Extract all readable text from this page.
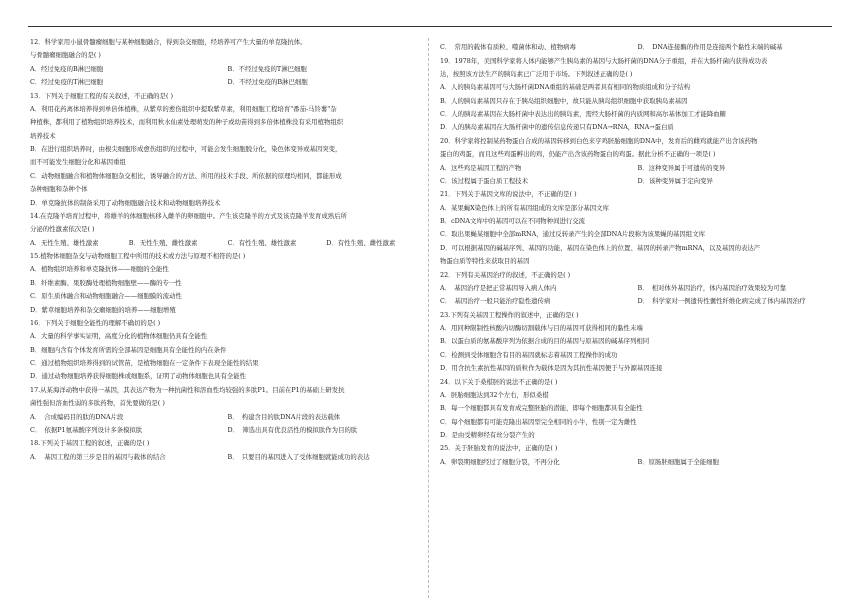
12．科学家用小鼠骨髓瘤细胞与某种细胞融合，得到杂交细胞，经培养可产生大量的单克隆抗体。
与骨髓瘤细胞融合的是( )
A．经过免疫的B淋巴细胞	B．不经过免疫的T淋巴细胞
C．经过免疫的T淋巴细胞	D．不经过免疫的B淋巴细胞
13．下列关于细胞工程的有关叙述，不正确的是( )
A．利用花药离体培养得到单倍体植株，从紫草的愈伤组织中提取紫草素，利用细胞工程培育"番茄-马铃薯"杂
种植株，都利用了植物组织培养技术，而利用秋水仙素处理萌发的种子或幼苗得到多倍体植株没有采用植物组织
培养技术
B．在进行组织培养时，由根尖细胞形成愈伤组织的过程中，可能会发生细胞脱分化，染色体变异或基因突变，
而不可能发生细胞分化和基因重组
C．动物细胞融合和植物体细胞杂交相比，诱导融合的方法、所用的技术手段、所依据的原理均相同，都能形成
杂种细胞和杂种个体
D．单克隆抗体的制备采用了动物细胞融合技术和动物细胞培养技术
14.在克隆羊培育过程中，将雄羊的体细胞核移入雌羊的卵细胞中。产生该克隆羊的方式及该克隆羊发育成熟后所
分泌的性激素依次是( )
A．无性生殖、雄性激素	B．无性生殖、雌性激素	C．有性生殖、雄性激素	D．有性生殖、雌性激素
15.植物体细胞杂交与动物细胞工程中所用的技术或方法与原理不相符的是( )
A．植物组织培养和单克隆抗体——细胞的全能性
B．纤维素酶、果胶酶处理植物细胞壁——酶的专一性
C．原生质体融合和动物细胞融合——细胞膜的流动性
D．紫草细胞培养和杂交瘤细胞的培养——细胞增殖
16．下列关于细胞全能性的理解不确切的是( )
A．大量的科学事实证明，高度分化的植物体细胞仍具有全能性
B．细胞内含有个体发育所需的全部基因是细胞具有全能性的内在条件
C．通过植物组织培养得到的试管苗，是植物细胞在一定条件下表现全能性的结果
D．通过动物细胞培养获得细胞株或细胞系，证明了动物体细胞也具有全能性
17.从某海洋动物中获得一基因，其表达产物为一种抗菌性和溶血性均较强的多肽P1。目前在P1的基础上研发抗
菌性强但溶血性弱的多肽药物，首先要做的是( )
A．　合成编码目的肽的DNA片段	B．　构建含目的肽DNA片段的表达载体
C．　依据P1氨基酸序列设计多条模拟肽	D．　筛选出具有优良活性的模拟肽作为目的肽
18.下列关于基因工程的叙述，正确的是( )
A．　基因工程的第三步是目的基因与载体的结合	B．　只要目的基因进入了受体细胞就能成功的表达
C．　常用的载体有质粒、噬菌体和动、植物病毒	D．　DNA连接酶的作用是连接两个黏性末端的碱基
19．1978年，美国科学家将人体内能够产生胰岛素的基因与大肠杆菌的DNA分子重组，并在大肠杆菌内获得成功表
达，按照该方法生产的胰岛素已广泛用于市场。下列叙述正确的是( )
A．人的胰岛素基因可与大肠杆菌DNA重组的基础是两者具有相同的物质组成和分子结构
B．人的胰岛素基因只存在于胰岛组织细胞中，故只能从胰岛组织细胞中获取胰岛素基因
C．人的胰岛素基因在大肠杆菌中表达出的胰岛素，需经大肠杆菌的内质网和高尔基体加工才能降血糖
D．人的胰岛素基因在大肠杆菌中的遗传信息传递只有DNA→RNA，RNA→蛋白质
20．科学家将控制某药物蛋白合成的基因转移到白色来亨鸡胚胎细胞的DNA中，发育后的雌鸡就能产出含该药物
蛋白的鸡蛋，而且这些鸡蛋孵出的鸡，仍能产出含该药物蛋白的鸡蛋。据此分析不正确的一项是( )
A．这些鸡是基因工程的产物	B．这种变异属于可遗传的变异
C．该过程属于蛋白质工程技术	D．该种变异属于定向变异
21．下列关于基因文库的说法中，不正确的是( )
A．某果蝇X染色体上的所有基因组成的文库是部分基因文库
B．cDNA文库中的基因可以在不同物种间进行交流
C．取出果蝇某细胞中全部mRNA，通过反转录产生的全部DNA片段称为该果蝇的基因组文库
D．可以根据基因的碱基序列、基因的功能、基因在染色体上的位置、基因的转录产物mRNA，以及基因的表达产
物蛋白质等特性来获取目的基因
22．下列有关基因治疗的叙述，不正确的是( )
A．　基因治疗是把正常基因导入病人体内	B．　相对体外基因治疗，体内基因治疗效果较为可靠
C．　基因治疗一般只能治疗隐性遗传病	D．　科学家对一例遗传性囊性纤维化病完成了体内基因治疗
23.下列有关基因工程操作的叙述中，正确的是( )
A．用同种限制性核酸内切酶切割载体与目的基因可获得相同的黏性末端
B．以蛋白质的氨基酸序列为依据合成的目的基因与原基因的碱基序列相同
C．检测到受体细胞含有目的基因就标志着基因工程操作的成功
D．用含抗生素抗性基因的质粒作为载体是因为其抗性基因便于与外源基因连接
24．以下关于桑椹胚的说法不正确的是( )
A．胚胎细胞达到32个左右，形似桑椹
B．每一个细胞都具有发育成完整胚胎的潜能，即每个细胞都具有全能性
C．每个细胞都有可能克隆出基因型完全相同的小牛，性别一定为雌性
D．是由受精卵经有丝分裂产生的
25．关于胚胎发育的说法中，正确的是( )
A．卵裂期细胞经过了细胞分裂，不再分化	B．原肠胚细胞属于全能细胞
